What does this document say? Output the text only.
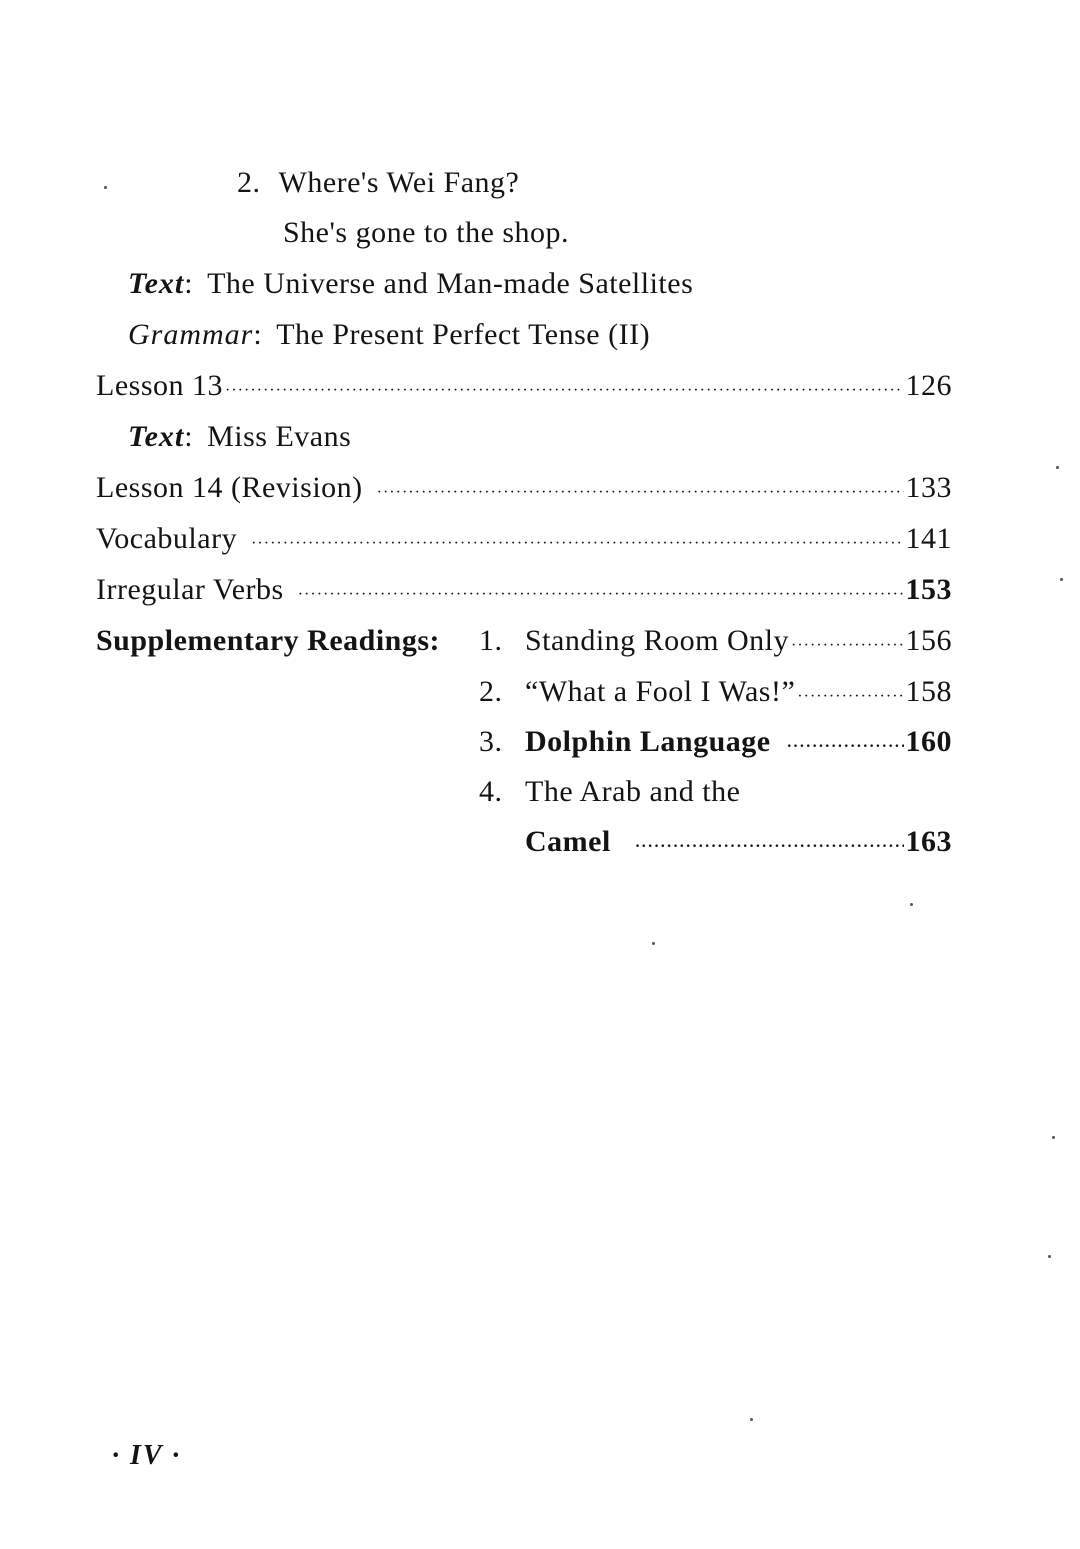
2. Where's Wei Fang?
She's gone to the shop.
Text: The Universe and Man-made Satellites
Grammar: The Present Perfect Tense (II)
Lesson 13 ·····	126
Text: Miss Evans
Lesson 14 (Revision) ·····	133
Vocabulary ·····	141
Irregular Verbs ·····	153
Supplementary Readings: 1. Standing Room Only ·····	156
2. “What a Fool I Was!” ·····	158
3. Dolphin Language ·····	160
4. The Arab and the
Camel ·····	163
· IV ·
